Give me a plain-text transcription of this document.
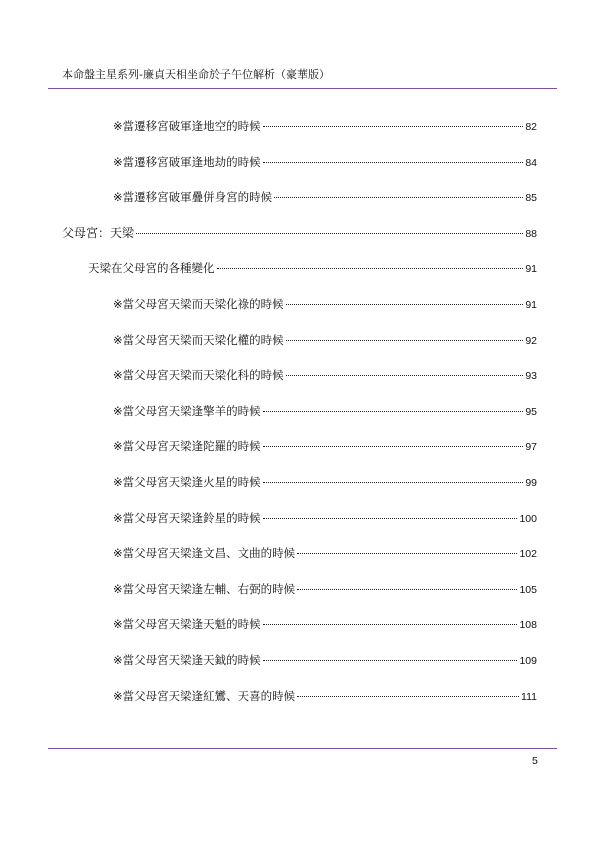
本命盤主星系列-廉貞天相坐命於子午位解析（豪華版）
※當遷移宮破軍逢地空的時候	82
※當遷移宮破軍逢地劫的時候	84
※當遷移宮破軍疊併身宮的時候	85
父母宮：天梁	88
天梁在父母宮的各種變化	91
※當父母宮天梁而天梁化祿的時候	91
※當父母宮天梁而天梁化權的時候	92
※當父母宮天梁而天梁化科的時候	93
※當父母宮天梁逢擎羊的時候	95
※當父母宮天梁逢陀羅的時候	97
※當父母宮天梁逢火星的時候	99
※當父母宮天梁逢鈴星的時候	100
※當父母宮天梁逢文昌、文曲的時候	102
※當父母宮天梁逢左輔、右弼的時候	105
※當父母宮天梁逢天魁的時候	108
※當父母宮天梁逢天鉞的時候	109
※當父母宮天梁逢紅鸞、天喜的時候	111
5
